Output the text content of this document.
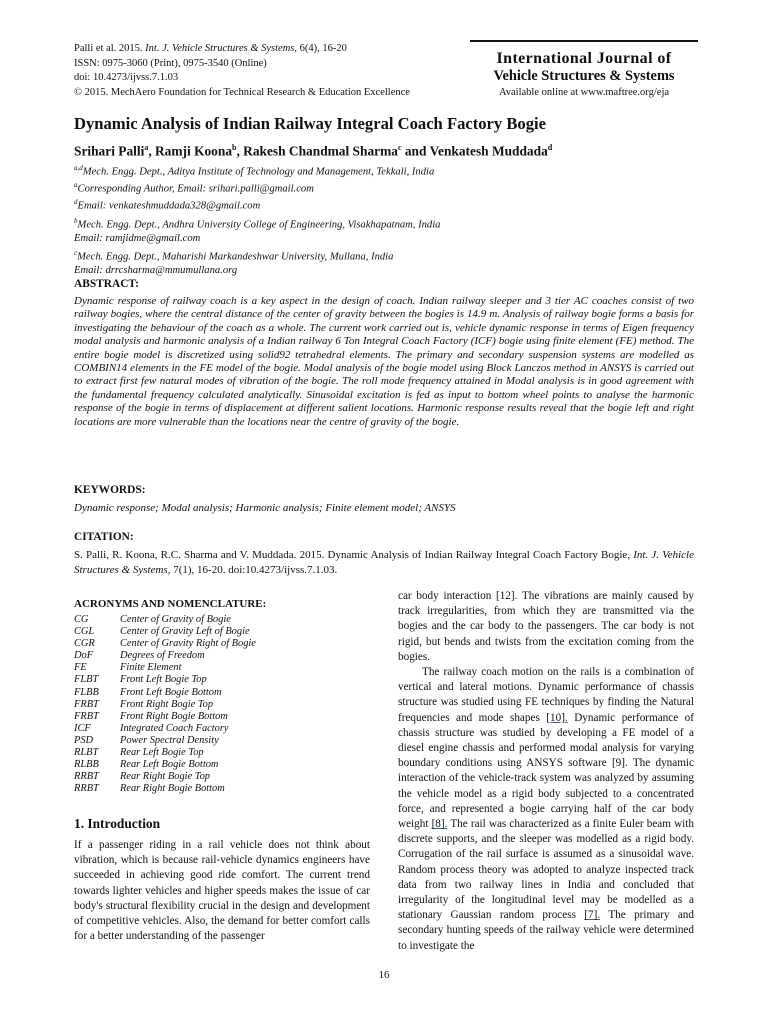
Palli et al. 2015. Int. J. Vehicle Structures & Systems, 6(4), 16-20
ISSN: 0975-3060 (Print), 0975-3540 (Online)
doi: 10.4273/ijvss.7.1.03
© 2015. MechAero Foundation for Technical Research & Education Excellence
International Journal of
Vehicle Structures & Systems
Available online at www.maftree.org/eja
Dynamic Analysis of Indian Railway Integral Coach Factory Bogie
Srihari Palli$^a$, Ramji Koona$^b$, Rakesh Chandmal Sharma$^c$ and Venkatesh Muddada$^d$
$^{a,d}$Mech. Engg. Dept., Aditya Institute of Technology and Management, Tekkali, India
$^a$Corresponding Author, Email: srihari.palli@gmail.com
$^d$Email: venkateshmuddada328@gmail.com
$^b$Mech. Engg. Dept., Andhra University College of Engineering, Visakhapatnam, India
Email: ramjidme@gmail.com
$^c$Mech. Engg. Dept., Maharishi Markandeshwar University, Mullana, India
Email: drrcsharma@mmumullana.org
ABSTRACT:
Dynamic response of railway coach is a key aspect in the design of coach. Indian railway sleeper and 3 tier AC coaches consist of two railway bogies, where the central distance of the center of gravity between the bogies is 14.9 m. Analysis of railway bogie forms a basis for investigating the behaviour of the coach as a whole. The current work carried out is, vehicle dynamic response in terms of Eigen frequency modal analysis and harmonic analysis of a Indian railway 6 Ton Integral Coach Factory (ICF) bogie using finite element (FE) method. The entire bogie model is discretized using solid92 tetrahedral elements. The primary and secondary suspension systems are modelled as COMBIN14 elements in the FE model of the bogie. Modal analysis of the bogie model using Block Lanczos method in ANSYS is carried out to extract first few natural modes of vibration of the bogie. The roll mode frequency attained in Modal analysis is in good agreement with the fundamental frequency calculated analytically. Sinusoidal excitation is fed as input to bottom wheel points to analyse the harmonic response of the bogie in terms of displacement at different salient locations. Harmonic response results reveal that the bogie left and right locations are more vulnerable than the locations near the centre of gravity of the bogie.
KEYWORDS:
Dynamic response; Modal analysis; Harmonic analysis; Finite element model; ANSYS
CITATION:
S. Palli, R. Koona, R.C. Sharma and V. Muddada. 2015. Dynamic Analysis of Indian Railway Integral Coach Factory Bogie, Int. J. Vehicle Structures & Systems, 7(1), 16-20. doi:10.4273/ijvss.7.1.03.
ACRONYMS AND NOMENCLATURE:
CG	Center of Gravity of Bogie
CGL	Center of Gravity Left of Bogie
CGR	Center of Gravity Right of Bogie
DoF	Degrees of Freedom
FE	Finite Element
FLBT	Front Left Bogie Top
FLBB	Front Left Bogie Bottom
FRBT	Front Right Bogie Top
FRBT	Front Right Bogie Bottom
ICF	Integrated Coach Factory
PSD	Power Spectral Density
RLBT	Rear Left Bogie Top
RLBB	Rear Left Bogie Bottom
RRBT	Rear Right Bogie Top
RRBT	Rear Right Bogie Bottom
1. Introduction

If a passenger riding in a rail vehicle does not think about vibration, which is because rail-vehicle dynamics engineers have succeeded in achieving good ride comfort. The current trend towards lighter vehicles and higher speeds makes the issue of car body's structural flexibility crucial in the design and development of competitive vehicles. Also, the demand for better comfort calls for a better understanding of the passenger

car body interaction [12]. The vibrations are mainly caused by track irregularities, from which they are transmitted via the bogies and the car body to the passengers. The car body is not rigid, but bends and twists from the excitation coming from the bogies.

The railway coach motion on the rails is a combination of vertical and lateral motions. Dynamic performance of chassis structure was studied using FE techniques by finding the Natural frequencies and mode shapes [10]. Dynamic performance of chassis structure was studied by developing a FE model of a diesel engine chassis and performed modal analysis for varying boundary conditions using ANSYS software [9]. The dynamic interaction of the vehicle-track system was analyzed by assuming the vehicle model as a rigid body subjected to a concentrated force, and represented a bogie carrying half of the car body weight [8]. The rail was characterized as a finite Euler beam with discrete supports, and the sleeper was modelled as a rigid body. Corrugation of the rail surface is assumed as a sinusoidal wave. Random process theory was adopted to analyze inspected track data from two railway lines in India and concluded that irregularity of the longitudinal level may be modelled as a stationary Gaussian random process [7]. The primary and secondary hunting speeds of the railway vehicle were determined to investigate the

16
